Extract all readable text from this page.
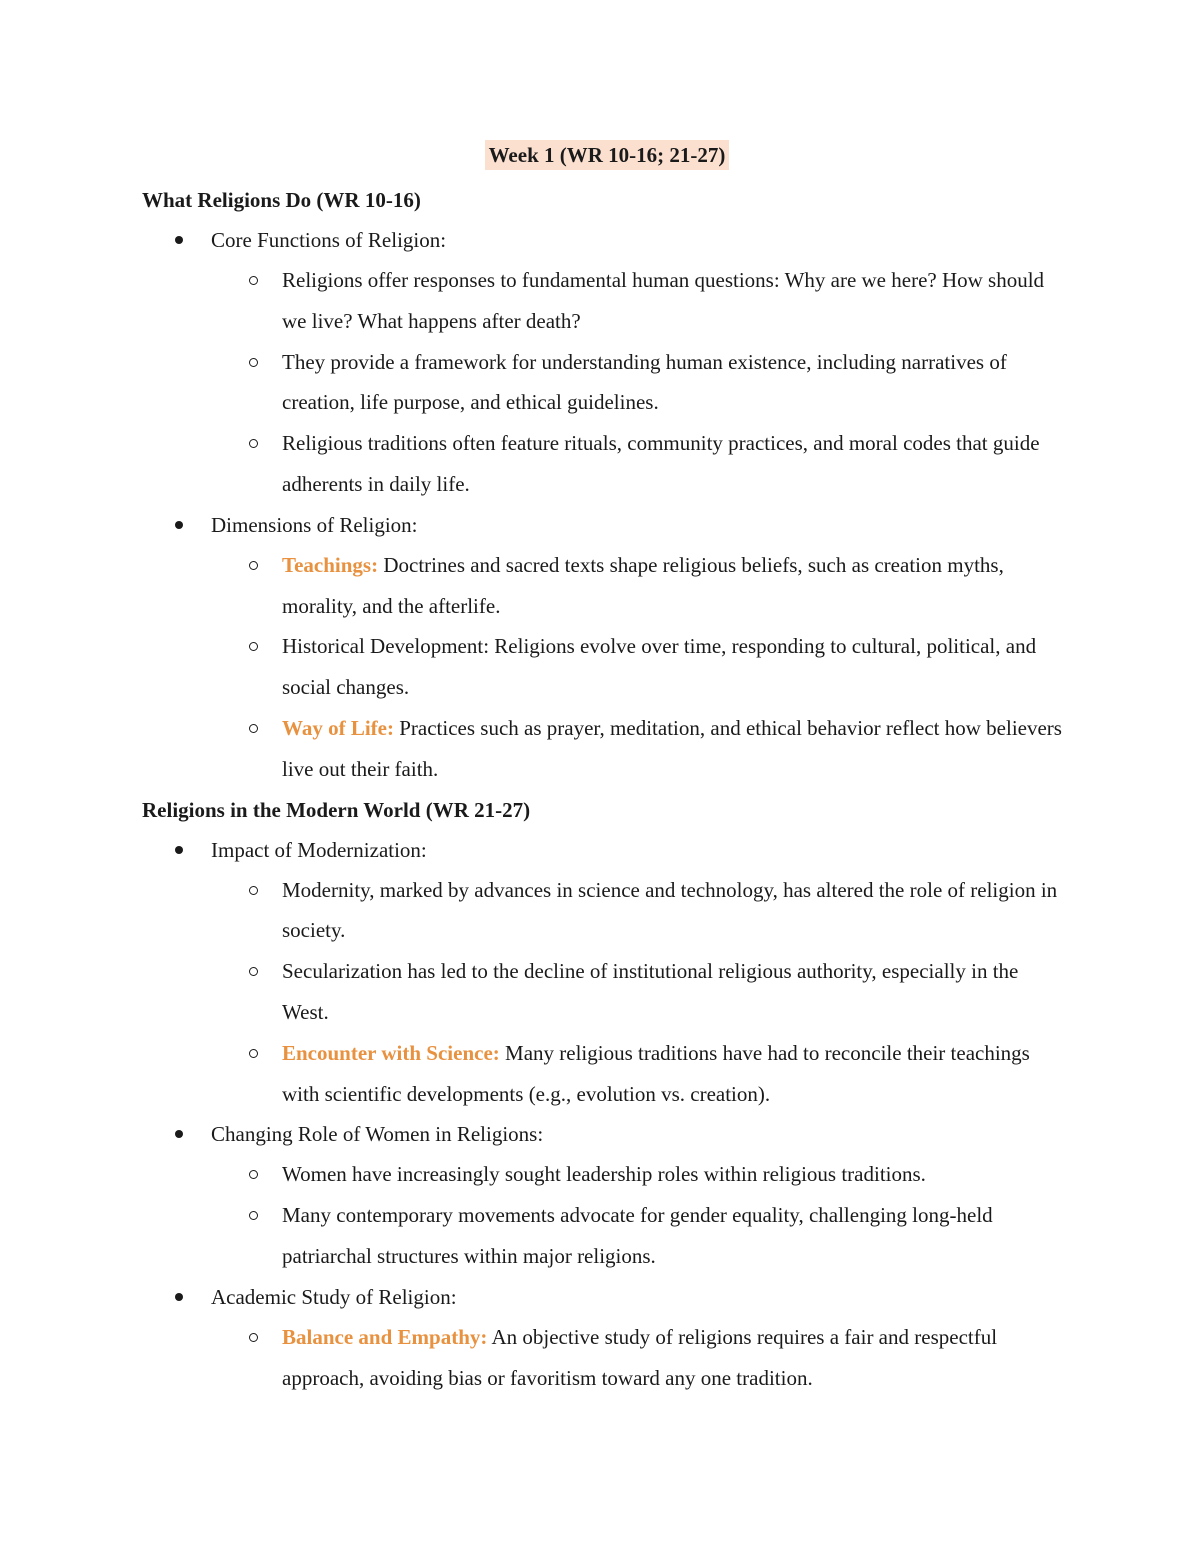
Week 1 (WR 10-16; 21-27)
What Religions Do (WR 10-16)
Core Functions of Religion:
Religions offer responses to fundamental human questions: Why are we here? How should we live? What happens after death?
They provide a framework for understanding human existence, including narratives of creation, life purpose, and ethical guidelines.
Religious traditions often feature rituals, community practices, and moral codes that guide adherents in daily life.
Dimensions of Religion:
Teachings: Doctrines and sacred texts shape religious beliefs, such as creation myths, morality, and the afterlife.
Historical Development: Religions evolve over time, responding to cultural, political, and social changes.
Way of Life: Practices such as prayer, meditation, and ethical behavior reflect how believers live out their faith.
Religions in the Modern World (WR 21-27)
Impact of Modernization:
Modernity, marked by advances in science and technology, has altered the role of religion in society.
Secularization has led to the decline of institutional religious authority, especially in the West.
Encounter with Science: Many religious traditions have had to reconcile their teachings with scientific developments (e.g., evolution vs. creation).
Changing Role of Women in Religions:
Women have increasingly sought leadership roles within religious traditions.
Many contemporary movements advocate for gender equality, challenging long-held patriarchal structures within major religions.
Academic Study of Religion:
Balance and Empathy: An objective study of religions requires a fair and respectful approach, avoiding bias or favoritism toward any one tradition.
